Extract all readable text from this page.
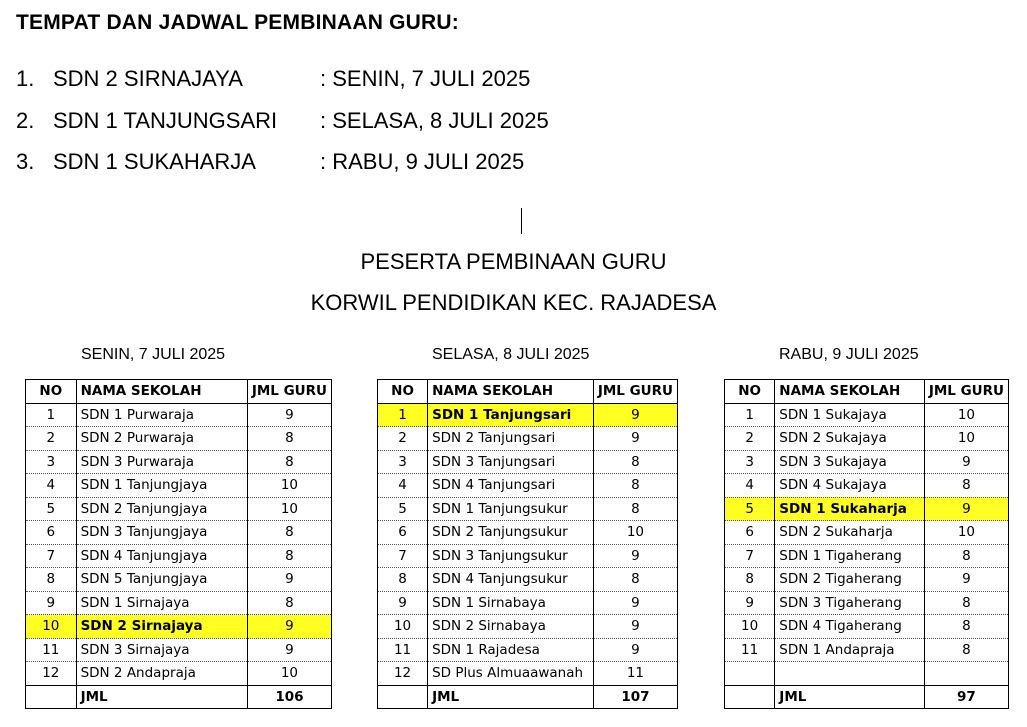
TEMPAT DAN JADWAL PEMBINAAN GURU:
1. SDN 2 SIRNAJAYA	: SENIN, 7 JULI 2025
2. SDN 1 TANJUNGSARI : SELASA, 8 JULI 2025
3. SDN 1 SUKAHARJA	: RABU, 9 JULI 2025
PESERTA PEMBINAAN GURU
KORWIL PENDIDIKAN KEC. RAJADESA
SENIN, 7 JULI 2025	SELASA, 8 JULI 2025	RABU, 9 JULI 2025
NO	NAMA SEKOLAH	JML GURU
1	SDN 1 Purwaraja	9
2	SDN 2 Purwaraja	8
3	SDN 3 Purwaraja	8
4	SDN 1 Tanjungjaya	10
5	SDN 2 Tanjungjaya	10
6	SDN 3 Tanjungjaya	8
7	SDN 4 Tanjungjaya	8
8	SDN 5 Tanjungjaya	9
9	SDN 1 Sirnajaya	8
10	SDN 2 Sirnajaya	9
11	SDN 3 Sirnajaya	9
12	SDN 2 Andapraja	10
	JML	106
NO	NAMA SEKOLAH	JML GURU
1	SDN 1 Tanjungsari	9
2	SDN 2 Tanjungsari	9
3	SDN 3 Tanjungsari	8
4	SDN 4 Tanjungsari	8
5	SDN 1 Tanjungsukur	8
6	SDN 2 Tanjungsukur	10
7	SDN 3 Tanjungsukur	9
8	SDN 4 Tanjungsukur	8
9	SDN 1 Sirnabaya	9
10	SDN 2 Sirnabaya	9
11	SDN 1 Rajadesa	9
12	SD Plus Almuaawanah	11
	JML	107
NO	NAMA SEKOLAH	JML GURU
1	SDN 1 Sukajaya	10
2	SDN 2 Sukajaya	10
3	SDN 3 Sukajaya	9
4	SDN 4 Sukajaya	8
5	SDN 1 Sukaharja	9
6	SDN 2 Sukaharja	10
7	SDN 1 Tigaherang	8
8	SDN 2 Tigaherang	9
9	SDN 3 Tigaherang	8
10	SDN 4 Tigaherang	8
11	SDN 1 Andapraja	8

	JML	97
